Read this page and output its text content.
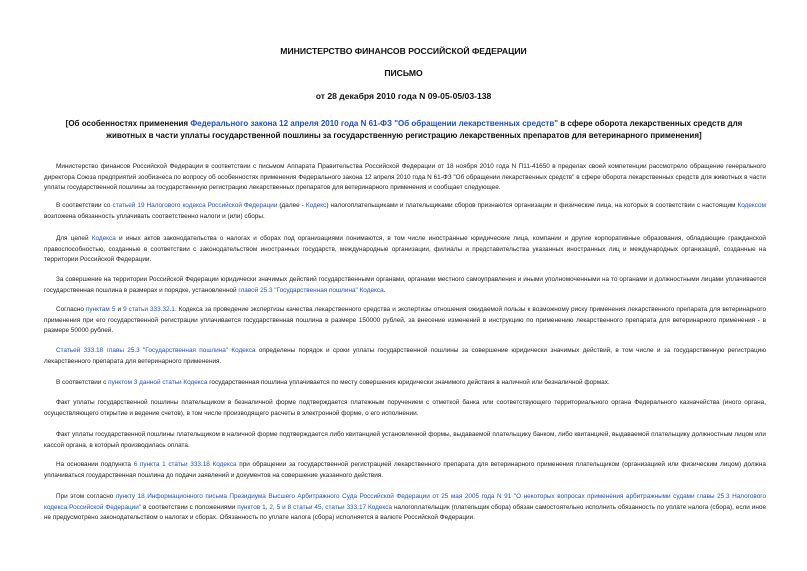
МИНИСТЕРСТВО ФИНАНСОВ РОССИЙСКОЙ ФЕДЕРАЦИИ
ПИСЬМО
от 28 декабря 2010 года N 09-05-05/03-138
[Об особенностях применения Федерального закона 12 апреля 2010 года N 61-ФЗ "Об обращении лекарственных средств" в сфере оборота лекарственных средств для животных в части уплаты государственной пошлины за государственную регистрацию лекарственных препаратов для ветеринарного применения]
Министерство финансов Российской Федерации в соответствии с письмом Аппарата Правительства Российской Федерации от 18 ноября 2010 года N П11-41650 в пределах своей компетенции рассмотрело обращение генерального директора Союза предприятий зообизнеса по вопросу об особенностях применения Федерального закона 12 апреля 2010 года N 61-ФЗ "Об обращении лекарственных средств" в сфере оборота лекарственных средств для животных в части уплаты государственной пошлины за государственную регистрацию лекарственных препаратов для ветеринарного применения и сообщает следующее.
В соответствии со статьей 19 Налогового кодекса Российской Федерации (далее - Кодекс) налогоплательщиками и плательщиками сборов признаются организации и физические лица, на которых в соответствии с настоящим Кодексом возложена обязанность уплачивать соответственно налоги и (или) сборы.
Для целей Кодекса и иных актов законодательства о налогах и сборах под организациями понимаются, в том числе иностранные юридические лица, компании и другие корпоративные образования, обладающие гражданской правоспособностью, созданные в соответствии с законодательством иностранных государств, международные организации, филиалы и представительства указанных иностранных лиц и международных организаций, созданные на территории Российской Федерации.
За совершение на территории Российской Федерации юридически значимых действий государственными органами, органами местного самоуправления и иными уполномоченными на то органами и должностными лицами уплачивается государственная пошлина в размерах и порядке, установленной главой 25.3 "Государственная пошлина" Кодекса.
Согласно пунктам 5 и 9 статьи 333.32.1. Кодекса за проведение экспертизы качества лекарственного средства и экспертизы отношения ожидаемой пользы к возможному риску применения лекарственного препарата для ветеринарного применения при его государственной регистрации уплачивается государственная пошлина в размере 150000 рублей, за внесение изменений в инструкцию по применению лекарственного препарата для ветеринарного применения - в размере 50000 рублей.
Статьей 333.18 главы 25.3 "Государственная пошлина" Кодекса определены порядок и сроки уплаты государственной пошлины за совершение юридически значимых действий, в том числе и за государственную регистрацию лекарственного препарата для ветеринарного применения.
В соответствии с пунктом 3 данной статьи Кодекса государственная пошлина уплачивается по месту совершения юридически значимого действия в наличной или безналичной формах.
Факт уплаты государственной пошлины плательщиком в безналичной форме подтверждается платежным поручением с отметкой банка или соответствующего территориального органа Федерального казначейства (иного органа, осуществляющего открытие и ведение счетов), в том числе производящего расчеты в электронной форме, о его исполнении.
Факт уплаты государственной пошлины плательщиком в наличной форме подтверждается либо квитанцией установленной формы, выдаваемой плательщику банком, либо квитанцией, выдаваемой плательщику должностным лицом или кассой органа, в который производилась оплата.
На основании подпункта 6 пункта 1 статьи 333.18 Кодекса при обращении за государственной регистрацией лекарственного препарата для ветеринарного применения плательщиком (организацией или физическим лицом) должна уплачиваться государственная пошлина до подачи заявлений и документов на совершение указанного действия.
При этом согласно пункту 18 Информационного письма Президиума Высшего Арбитражного Суда Российской Федерации от 25 мая 2005 года N 91 "О некоторых вопросах применения арбитражными судами главы 25.3 Налогового кодекса Российской Федерации" в соответствии с положениями пунктов 1, 2, 5 и 8 статьи 45, статьи 333.17 Кодекса налогоплательщик (плательщик сбора) обязан самостоятельно исполнить обязанность по уплате налога (сбора), если иное не предусмотрено законодательством о налогах и сборах. Обязанность по уплате налога (сбора) исполняется в валюте Российской Федерации.
